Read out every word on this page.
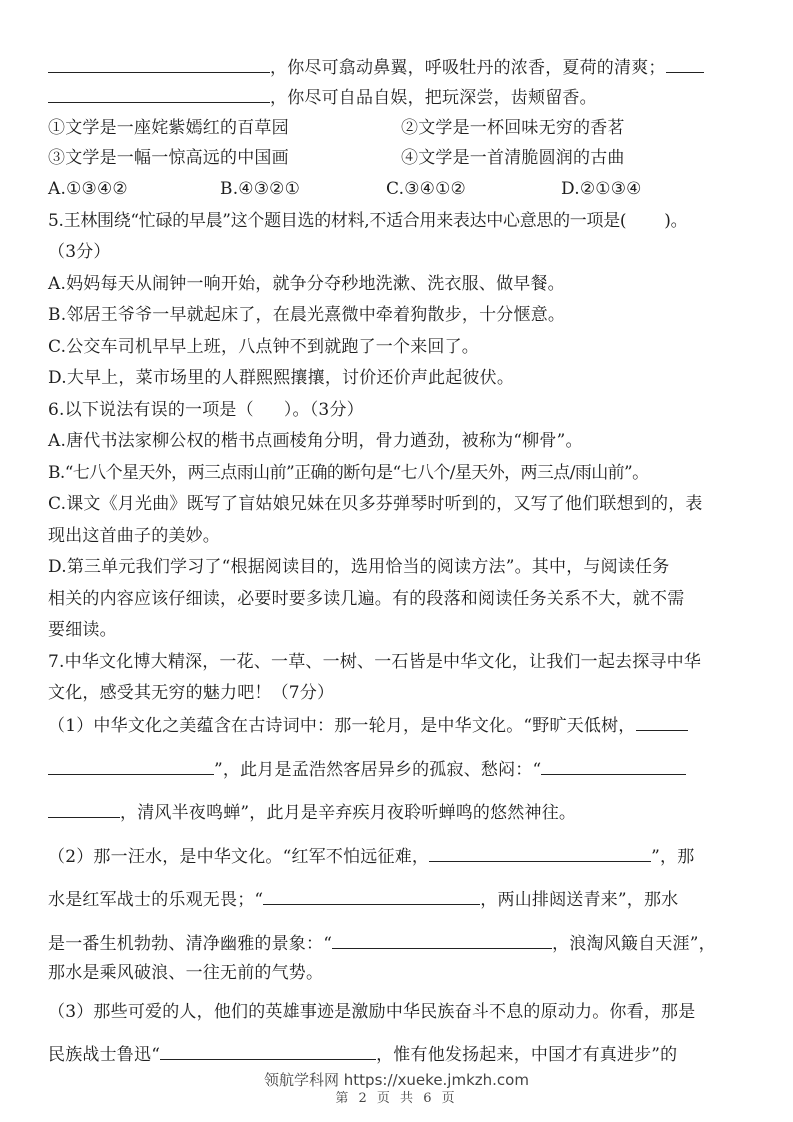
，你尽可翕动鼻翼，呼吸牡丹的浓香，夏荷的清爽；
，你尽可自品自娱，把玩深尝，齿颊留香。
①文学是一座姹紫嫣红的百草园	②文学是一杯回味无穷的香茗
③文学是一幅一惊高远的中国画	④文学是一首清脆圆润的古曲
A.①③④②	B.④③②①	C.③④①②	D.②①③④
5.王林围绕“忙碌的早晨”这个题目选的材料,不适合用来表达中心意思的一项是( )。
（3分）
A.妈妈每天从闹钟一响开始，就争分夺秒地洗漱、洗衣服、做早餐。
B.邻居王爷爷一早就起床了，在晨光熹微中牵着狗散步，十分惬意。
C.公交车司机早早上班，八点钟不到就跑了一个来回了。
D.大早上，菜市场里的人群熙熙攘攘，讨价还价声此起彼伏。
6.以下说法有误的一项是（ ）。（3分）
A.唐代书法家柳公权的楷书点画棱角分明，骨力遒劲，被称为“柳骨”。
B.“七八个星天外，两三点雨山前”正确的断句是“七八个/星天外，两三点/雨山前”。
C.课文《月光曲》既写了盲姑娘兄妹在贝多芬弹琴时听到的，又写了他们联想到的，表
现出这首曲子的美妙。
D.第三单元我们学习了“根据阅读目的，选用恰当的阅读方法”。其中，与阅读任务
相关的内容应该仔细读，必要时要多读几遍。有的段落和阅读任务关系不大，就不需
要细读。
7.中华文化博大精深，一花、一草、一树、一石皆是中华文化，让我们一起去探寻中华
文化，感受其无穷的魅力吧！（7分）
（1）中华文化之美蕴含在古诗词中：那一轮月，是中华文化。“野旷天低树，
”，此月是孟浩然客居异乡的孤寂、愁闷：“
，清风半夜鸣蝉”，此月是辛弃疾月夜聆听蝉鸣的悠然神往。
（2）那一汪水，是中华文化。“红军不怕远征难，	”，那
水是红军战士的乐观无畏；“	，两山排闼送青来”，那水
是一番生机勃勃、清净幽雅的景象：“	，浪淘风簸自天涯”，
那水是乘风破浪、一往无前的气势。
（3）那些可爱的人，他们的英雄事迹是激励中华民族奋斗不息的原动力。你看，那是
民族战士鲁迅“	，惟有他发扬起来，中国才有真进步”的
领航学科网 https://xueke.jmkzh.com
第 2 页 共 6 页
